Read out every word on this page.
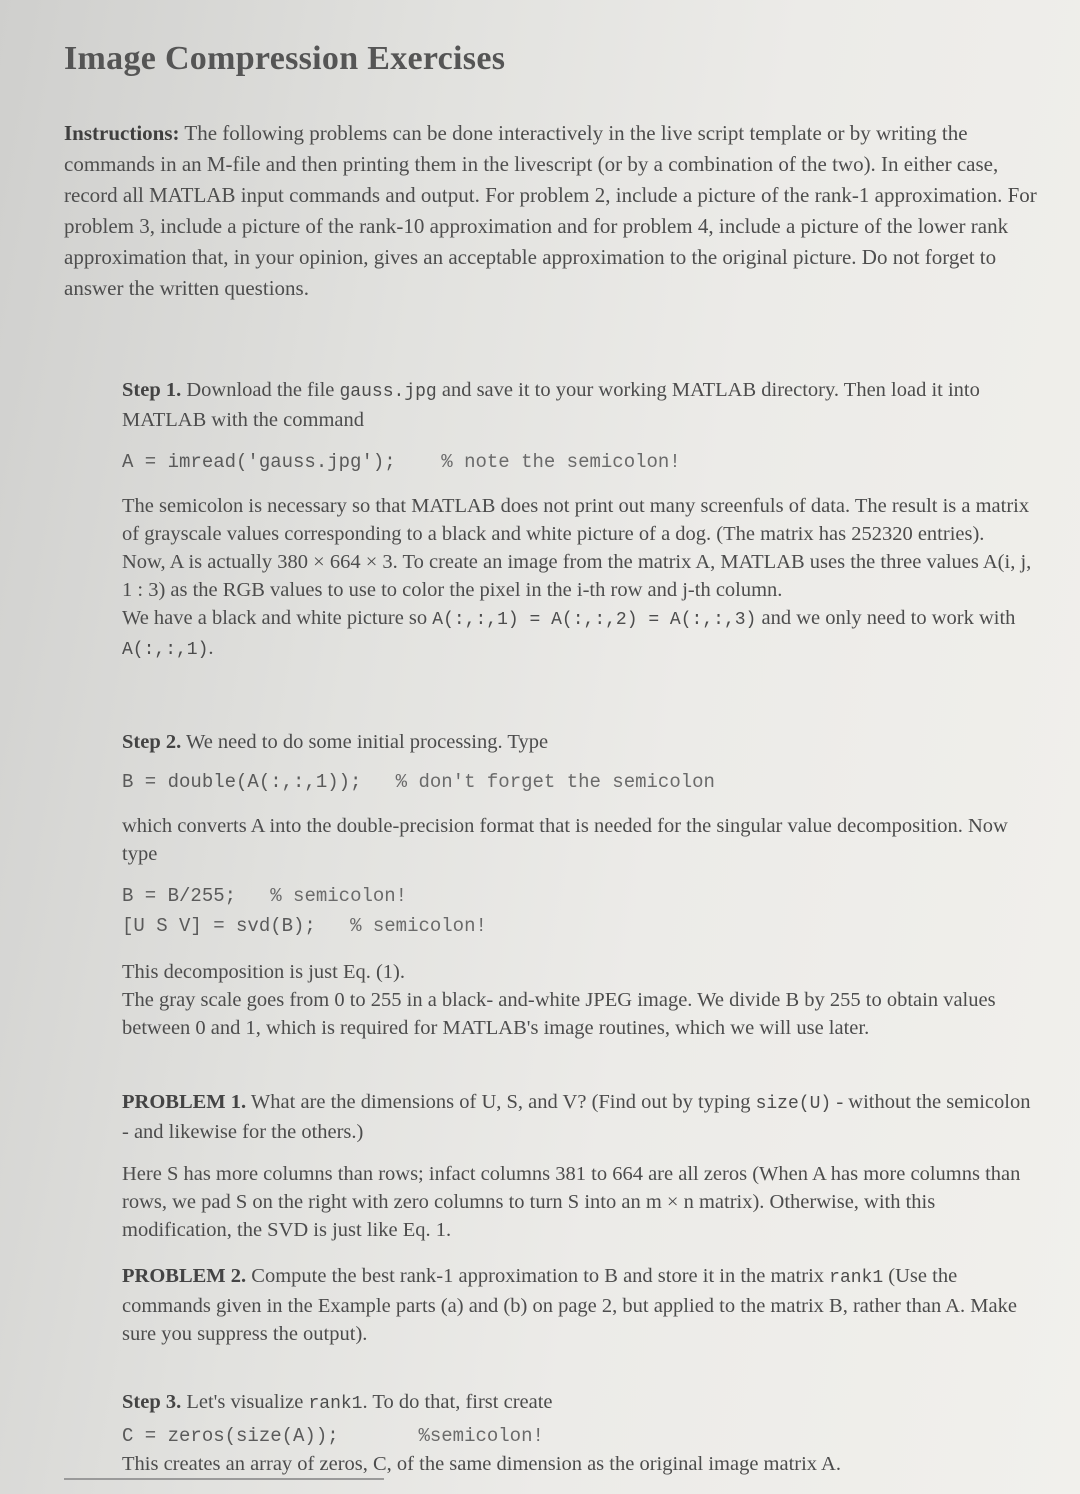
Image Compression Exercises

Instructions: The following problems can be done interactively in the live script template or by writing the commands in an M-file and then printing them in the livescript (or by a combination of the two). In either case, record all MATLAB input commands and output. For problem 2, include a picture of the rank-1 approximation. For problem 3, include a picture of the rank-10 approximation and for problem 4, include a picture of the lower rank approximation that, in your opinion, gives an acceptable approximation to the original picture. Do not forget to answer the written questions.

Step 1. Download the file gauss.jpg and save it to your working MATLAB directory. Then load it into MATLAB with the command

A = imread('gauss.jpg'); % note the semicolon!

The semicolon is necessary so that MATLAB does not print out many screenfuls of data. The result is a matrix of grayscale values corresponding to a black and white picture of a dog. (The matrix has 252320 entries). Now, A is actually 380 × 664 × 3. To create an image from the matrix A, MATLAB uses the three values A(i, j, 1 : 3) as the RGB values to use to color the pixel in the i-th row and j-th column.

We have a black and white picture so A(:,:,1) = A(:,:,2) = A(:,:,3) and we only need to work with A(:,:,1).

Step 2. We need to do some initial processing. Type

B = double(A(:,:,1)); % don't forget the semicolon

which converts A into the double-precision format that is needed for the singular value decomposition. Now type

B = B/255; % semicolon!
[U S V] = svd(B); % semicolon!

This decomposition is just Eq. (1).

The gray scale goes from 0 to 255 in a black- and-white JPEG image. We divide B by 255 to obtain values between 0 and 1, which is required for MATLAB's image routines, which we will use later.

PROBLEM 1. What are the dimensions of U, S, and V? (Find out by typing size(U) - without the semicolon - and likewise for the others.)

Here S has more columns than rows; infact columns 381 to 664 are all zeros (When A has more columns than rows, we pad S on the right with zero columns to turn S into an m × n matrix). Otherwise, with this modification, the SVD is just like Eq. 1.

PROBLEM 2. Compute the best rank-1 approximation to B and store it in the matrix rank1 (Use the commands given in the Example parts (a) and (b) on page 2, but applied to the matrix B, rather than A. Make sure you suppress the output).

Step 3. Let's visualize rank1. To do that, first create

C = zeros(size(A));	%semicolon!

This creates an array of zeros, C, of the same dimension as the original image matrix A.
